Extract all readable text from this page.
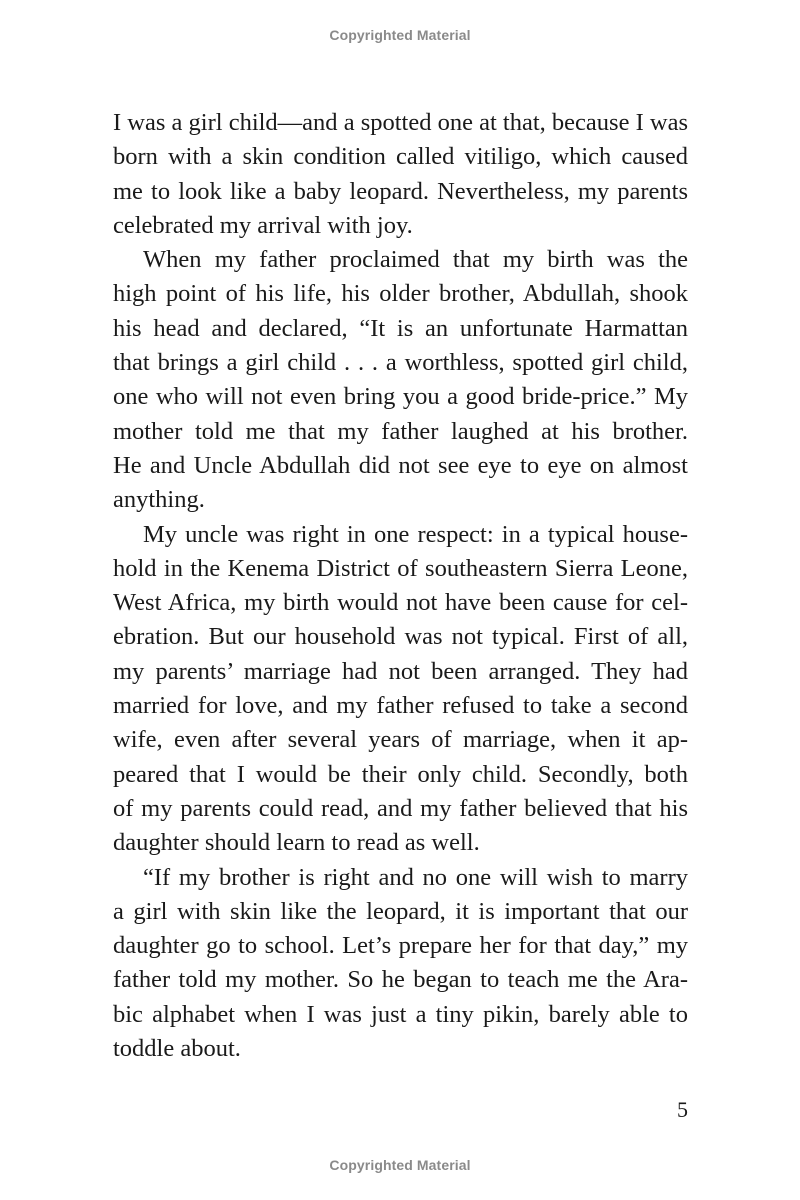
Copyrighted Material
I was a girl child—and a spotted one at that, because I was
born with a skin condition called vitiligo, which caused
me to look like a baby leopard. Nevertheless, my parents
celebrated my arrival with joy.
When my father proclaimed that my birth was the
high point of his life, his older brother, Abdullah, shook
his head and declared, “It is an unfortunate Harmattan
that brings a girl child . . . a worthless, spotted girl child,
one who will not even bring you a good bride-price.” My
mother told me that my father laughed at his brother.
He and Uncle Abdullah did not see eye to eye on almost
anything.
My uncle was right in one respect: in a typical house-
hold in the Kenema District of southeastern Sierra Leone,
West Africa, my birth would not have been cause for cel-
ebration. But our household was not typical. First of all,
my parents’ marriage had not been arranged. They had
married for love, and my father refused to take a second
wife, even after several years of marriage, when it ap-
peared that I would be their only child. Secondly, both
of my parents could read, and my father believed that his
daughter should learn to read as well.
“If my brother is right and no one will wish to marry
a girl with skin like the leopard, it is important that our
daughter go to school. Let’s prepare her for that day,” my
father told my mother. So he began to teach me the Ara-
bic alphabet when I was just a tiny pikin, barely able to
toddle about.
5
Copyrighted Material
